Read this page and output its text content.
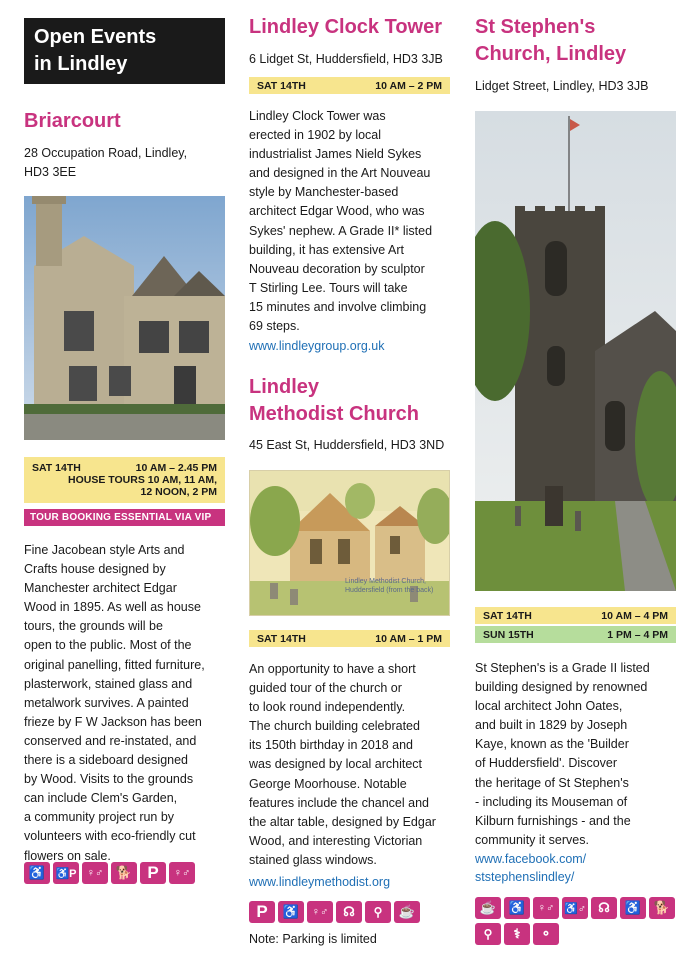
Open Events
in Lindley
Briarcourt
28 Occupation Road, Lindley,
HD3 3EE
SAT 14TH	10 AM – 2.45 PM
HOUSE TOURS 10 AM, 11 AM,
12 NOON, 2 PM
TOUR BOOKING ESSENTIAL VIA VIP
Fine Jacobean style Arts and
Crafts house designed by
Manchester architect Edgar
Wood in 1895. As well as house
tours, the grounds will be
open to the public. Most of the
original panelling, fitted furniture,
plasterwork, stained glass and
metalwork survives. A painted
frieze by F W Jackson has been
conserved and re-instated, and
there is a sideboard designed
by Wood. Visits to the grounds
can include Clem's Garden,
a community project run by
volunteers with eco-friendly cut
flowers on sale.
♿ ♿P ♀♂ 🐕 P	♀♂
Lindley Clock Tower
6 Lidget St, Huddersfield, HD3 3JB
SAT 14TH	10 AM – 2 PM
Lindley Clock Tower was
erected in 1902 by local
industrialist James Nield Sykes
and designed in the Art Nouveau
style by Manchester-based
architect Edgar Wood, who was
Sykes' nephew. A Grade II* listed
building, it has extensive Art
Nouveau decoration by sculptor
T Stirling Lee. Tours will take
15 minutes and involve climbing
69 steps.
www.lindleygroup.org.uk
Lindley
Methodist Church
45 East St, Huddersfield, HD3 3ND
Lindley Methodist Church,
Huddersfield (from the back)
SAT 14TH	10 AM – 1 PM
An opportunity to have a short
guided tour of the church or
to look round independently.
The church building celebrated
its 150th birthday in 2018 and
was designed by local architect
George Moorhouse. Notable
features include the chancel and
the altar table, designed by Edgar
Wood, and interesting Victorian
stained glass windows.
www.lindleymethodist.org
P	♿	♀♂	☊	⚲	☕
Note: Parking is limited
St Stephen's
Church, Lindley
Lidget Street, Lindley, HD3 3JB
SAT 14TH	10 AM – 4 PM
SUN 15TH	1 PM – 4 PM
St Stephen's is a Grade II listed
building designed by renowned
local architect John Oates,
and built in 1829 by Joseph
Kaye, known as the 'Builder
of Huddersfield'. Discover
the heritage of St Stephen's
- including its Mouseman of
Kilburn furnishings - and the
community it serves.
www.facebook.com/
ststephenslindley/
☕ ♿	♀♂ ♿♂ ☊	♿ 🐕
⚲	⚕	⚬
